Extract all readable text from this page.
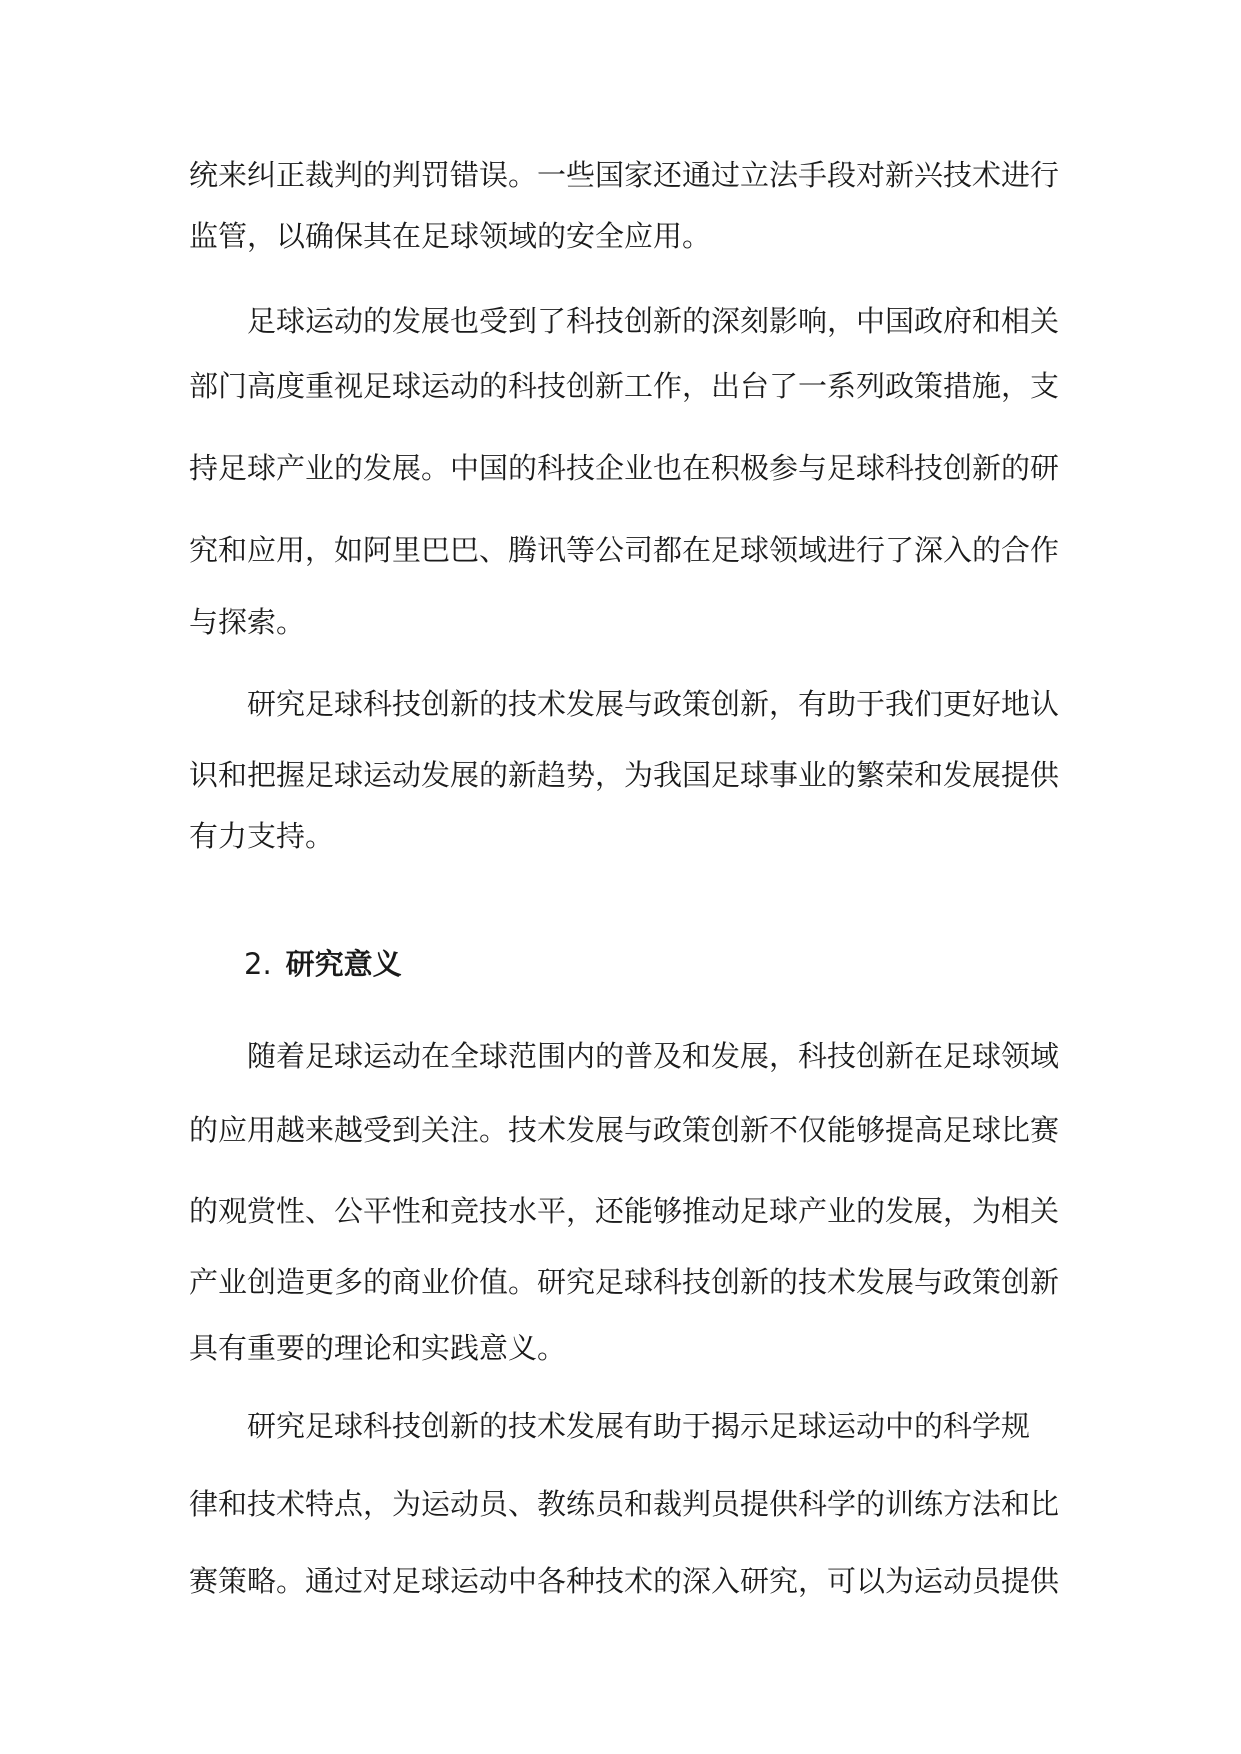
统来纠正裁判的判罚错误。一些国家还通过立法手段对新兴技术进行
监管，以确保其在足球领域的安全应用。
足球运动的发展也受到了科技创新的深刻影响，中国政府和相关
部门高度重视足球运动的科技创新工作，出台了一系列政策措施，支
持足球产业的发展。中国的科技企业也在积极参与足球科技创新的研
究和应用，如阿里巴巴、腾讯等公司都在足球领域进行了深入的合作
与探索。
研究足球科技创新的技术发展与政策创新，有助于我们更好地认
识和把握足球运动发展的新趋势，为我国足球事业的繁荣和发展提供
有力支持。
2. 研究意义
随着足球运动在全球范围内的普及和发展，科技创新在足球领域
的应用越来越受到关注。技术发展与政策创新不仅能够提高足球比赛
的观赏性、公平性和竞技水平，还能够推动足球产业的发展，为相关
产业创造更多的商业价值。研究足球科技创新的技术发展与政策创新
具有重要的理论和实践意义。
研究足球科技创新的技术发展有助于揭示足球运动中的科学规
律和技术特点，为运动员、教练员和裁判员提供科学的训练方法和比
赛策略。通过对足球运动中各种技术的深入研究，可以为运动员提供
